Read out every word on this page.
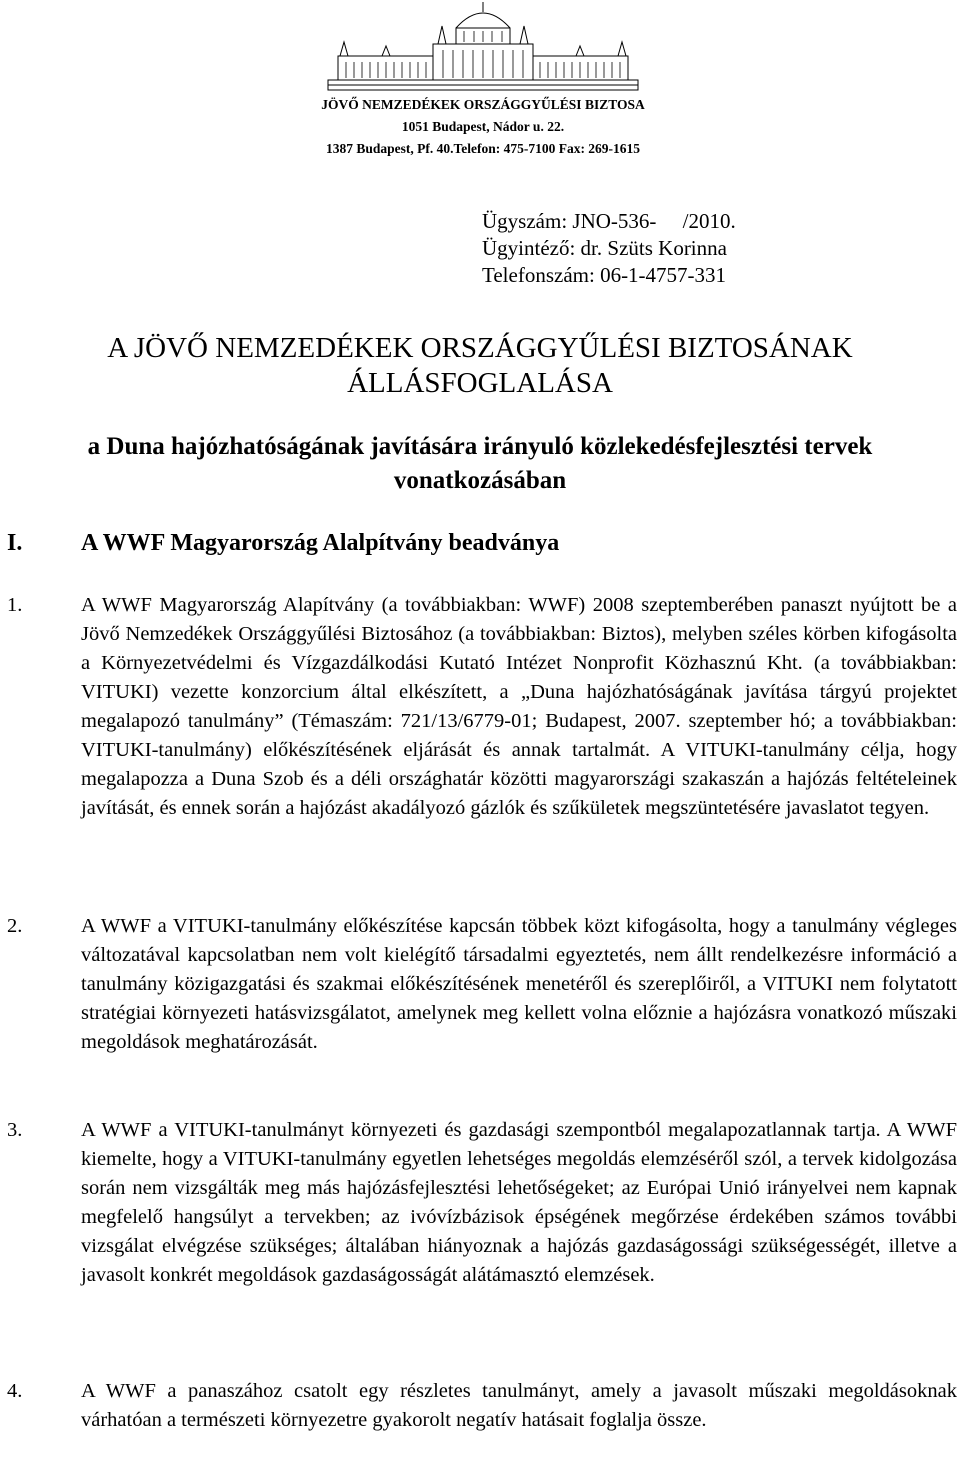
JÖVŐ NEMZEDÉKEK ORSZÁGGYŰLÉSI BIZTOSA
1051 Budapest, Nádor u. 22.
1387 Budapest, Pf. 40.Telefon: 475-7100 Fax: 269-1615
Ügyszám: JNO-536-     /2010.
Ügyintéző: dr. Szüts Korinna
Telefonszám: 06-1-4757-331
A JÖVŐ NEMZEDÉKEK ORSZÁGGYŰLÉSI BIZTOSÁNAK
ÁLLÁSFOGLALÁSA
a Duna hajózhatóságának javítására irányuló közlekedésfejlesztési tervek
vonatkozásában
I. A WWF Magyarország Alalpítvány beadványa
1.	A WWF Magyarország Alapítvány (a továbbiakban: WWF) 2008 szeptemberében panaszt nyújtott be a Jövő Nemzedékek Országgyűlési Biztosához (a továbbiakban: Biztos), melyben széles körben kifogásolta a Környezetvédelmi és Vízgazdálkodási Kutató Intézet Nonprofit Közhasznú Kht. (a továbbiakban: VITUKI) vezette konzorcium által elkészített, a „Duna hajózhatóságának javítása tárgyú projektet megalapozó tanulmány” (Témaszám: 721/13/6779-01; Budapest, 2007. szeptember hó; a továbbiakban: VITUKI-tanulmány) előkészítésének eljárását és annak tartalmát. A VITUKI-tanulmány célja, hogy megalapozza a Duna Szob és a déli országhatár közötti magyarországi szakaszán a hajózás feltételeinek javítását, és ennek során a hajózást akadályozó gázlók és szűkületek megszüntetésére javaslatot tegyen.
2.	A WWF a VITUKI-tanulmány előkészítése kapcsán többek közt kifogásolta, hogy a tanulmány végleges változatával kapcsolatban nem volt kielégítő társadalmi egyeztetés, nem állt rendelkezésre információ a tanulmány közigazgatási és szakmai előkészítésének menetéről és szereplőiről, a VITUKI nem folytatott stratégiai környezeti hatásvizsgálatot, amelynek meg kellett volna előznie a hajózásra vonatkozó műszaki megoldások meghatározását.
3.	A WWF a VITUKI-tanulmányt környezeti és gazdasági szempontból megalapozatlannak tartja. A WWF kiemelte, hogy a VITUKI-tanulmány egyetlen lehetséges megoldás elemzéséről szól, a tervek kidolgozása során nem vizsgálták meg más hajózásfejlesztési lehetőségeket; az Európai Unió irányelvei nem kapnak megfelelő hangsúlyt a tervekben; az ivóvízbázisok épségének megőrzése érdekében számos további vizsgálat elvégzése szükséges; általában hiányoznak a hajózás gazdaságossági szükségességét, illetve a javasolt konkrét megoldások gazdaságosságát alátámasztó elemzések.
4.	A WWF a panaszához csatolt egy részletes tanulmányt, amely a javasolt műszaki megoldásoknak várhatóan a természeti környezetre gyakorolt negatív hatásait foglalja össze.
